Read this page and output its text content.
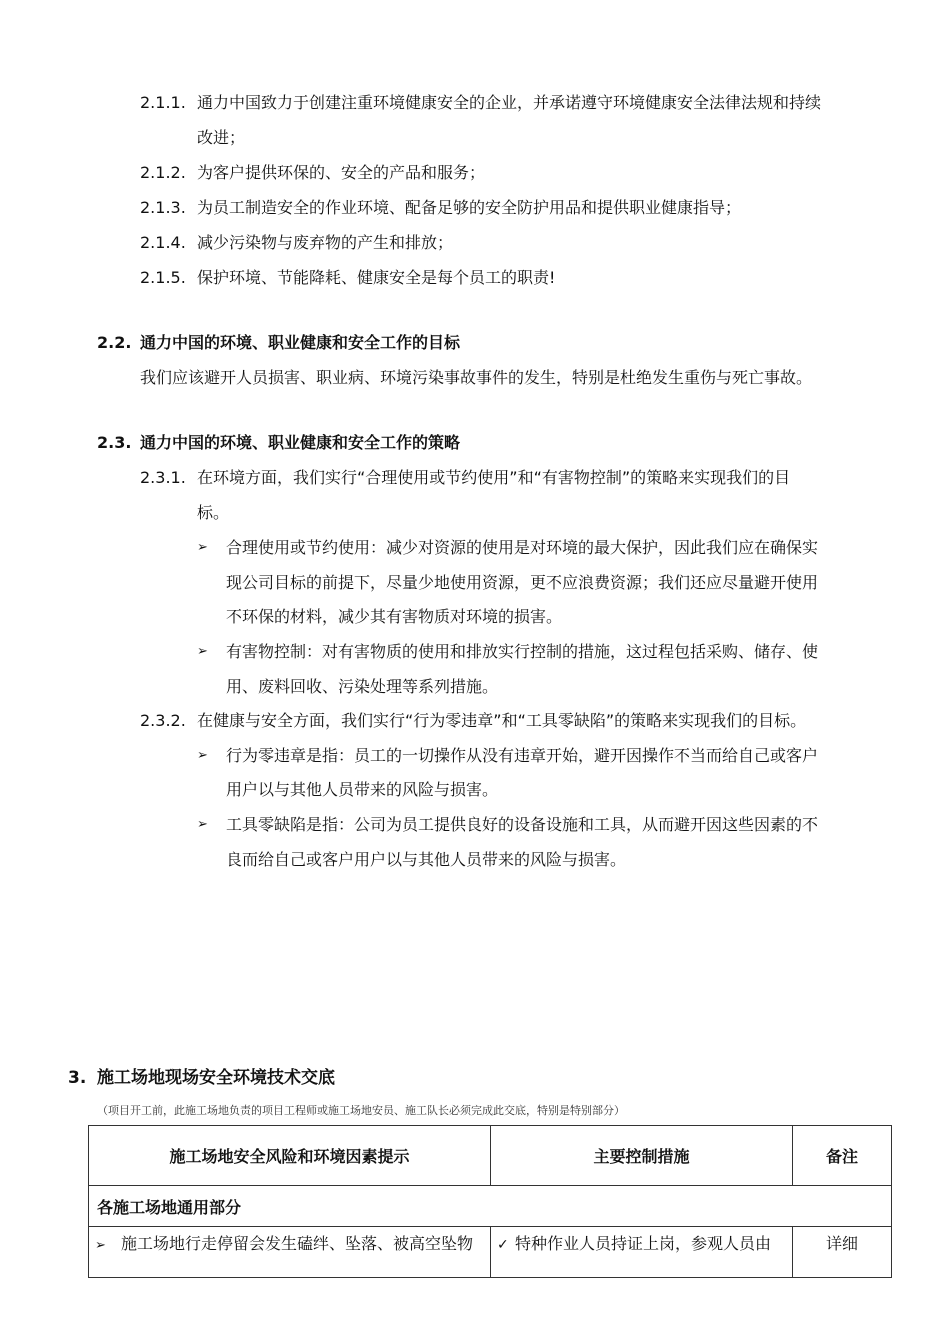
2.1.1. 通力中国致力于创建注重环境健康安全的企业，并承诺遵守环境健康安全法律法规和持续
改进；
2.1.2. 为客户提供环保的、安全的产品和服务；
2.1.3. 为员工制造安全的作业环境、配备足够的安全防护用品和提供职业健康指导；
2.1.4. 减少污染物与废弃物的产生和排放；
2.1.5. 保护环境、节能降耗、健康安全是每个员工的职责!
2.2. 通力中国的环境、职业健康和安全工作的目标
我们应该避开人员损害、职业病、环境污染事故事件的发生，特别是杜绝发生重伤与死亡事故。
2.3. 通力中国的环境、职业健康和安全工作的策略
2.3.1. 在环境方面，我们实行“合理使用或节约使用”和“有害物控制”的策略来实现我们的目
标。
➢ 合理使用或节约使用：减少对资源的使用是对环境的最大保护，因此我们应在确保实
现公司目标的前提下，尽量少地使用资源，更不应浪费资源；我们还应尽量避开使用
不环保的材料，减少其有害物质对环境的损害。
➢ 有害物控制：对有害物质的使用和排放实行控制的措施，这过程包括采购、储存、使
用、废料回收、污染处理等系列措施。
2.3.2. 在健康与安全方面，我们实行“行为零违章”和“工具零缺陷”的策略来实现我们的目标。
➢ 行为零违章是指：员工的一切操作从没有违章开始，避开因操作不当而给自己或客户
用户以与其他人员带来的风险与损害。
➢ 工具零缺陷是指：公司为员工提供良好的设备设施和工具，从而避开因这些因素的不
良而给自己或客户用户以与其他人员带来的风险与损害。
3. 施工场地现场安全环境技术交底
（项目开工前，此施工场地负责的项目工程师或施工场地安员、施工队长必须完成此交底，特别是特别部分）
施工场地安全风险和环境因素提示	主要控制措施	备注
各施工场地通用部分		
➢ 施工场地行走停留会发生磕绊、坠落、被高空坠物	✓ 特种作业人员持证上岗，参观人员由	详细
